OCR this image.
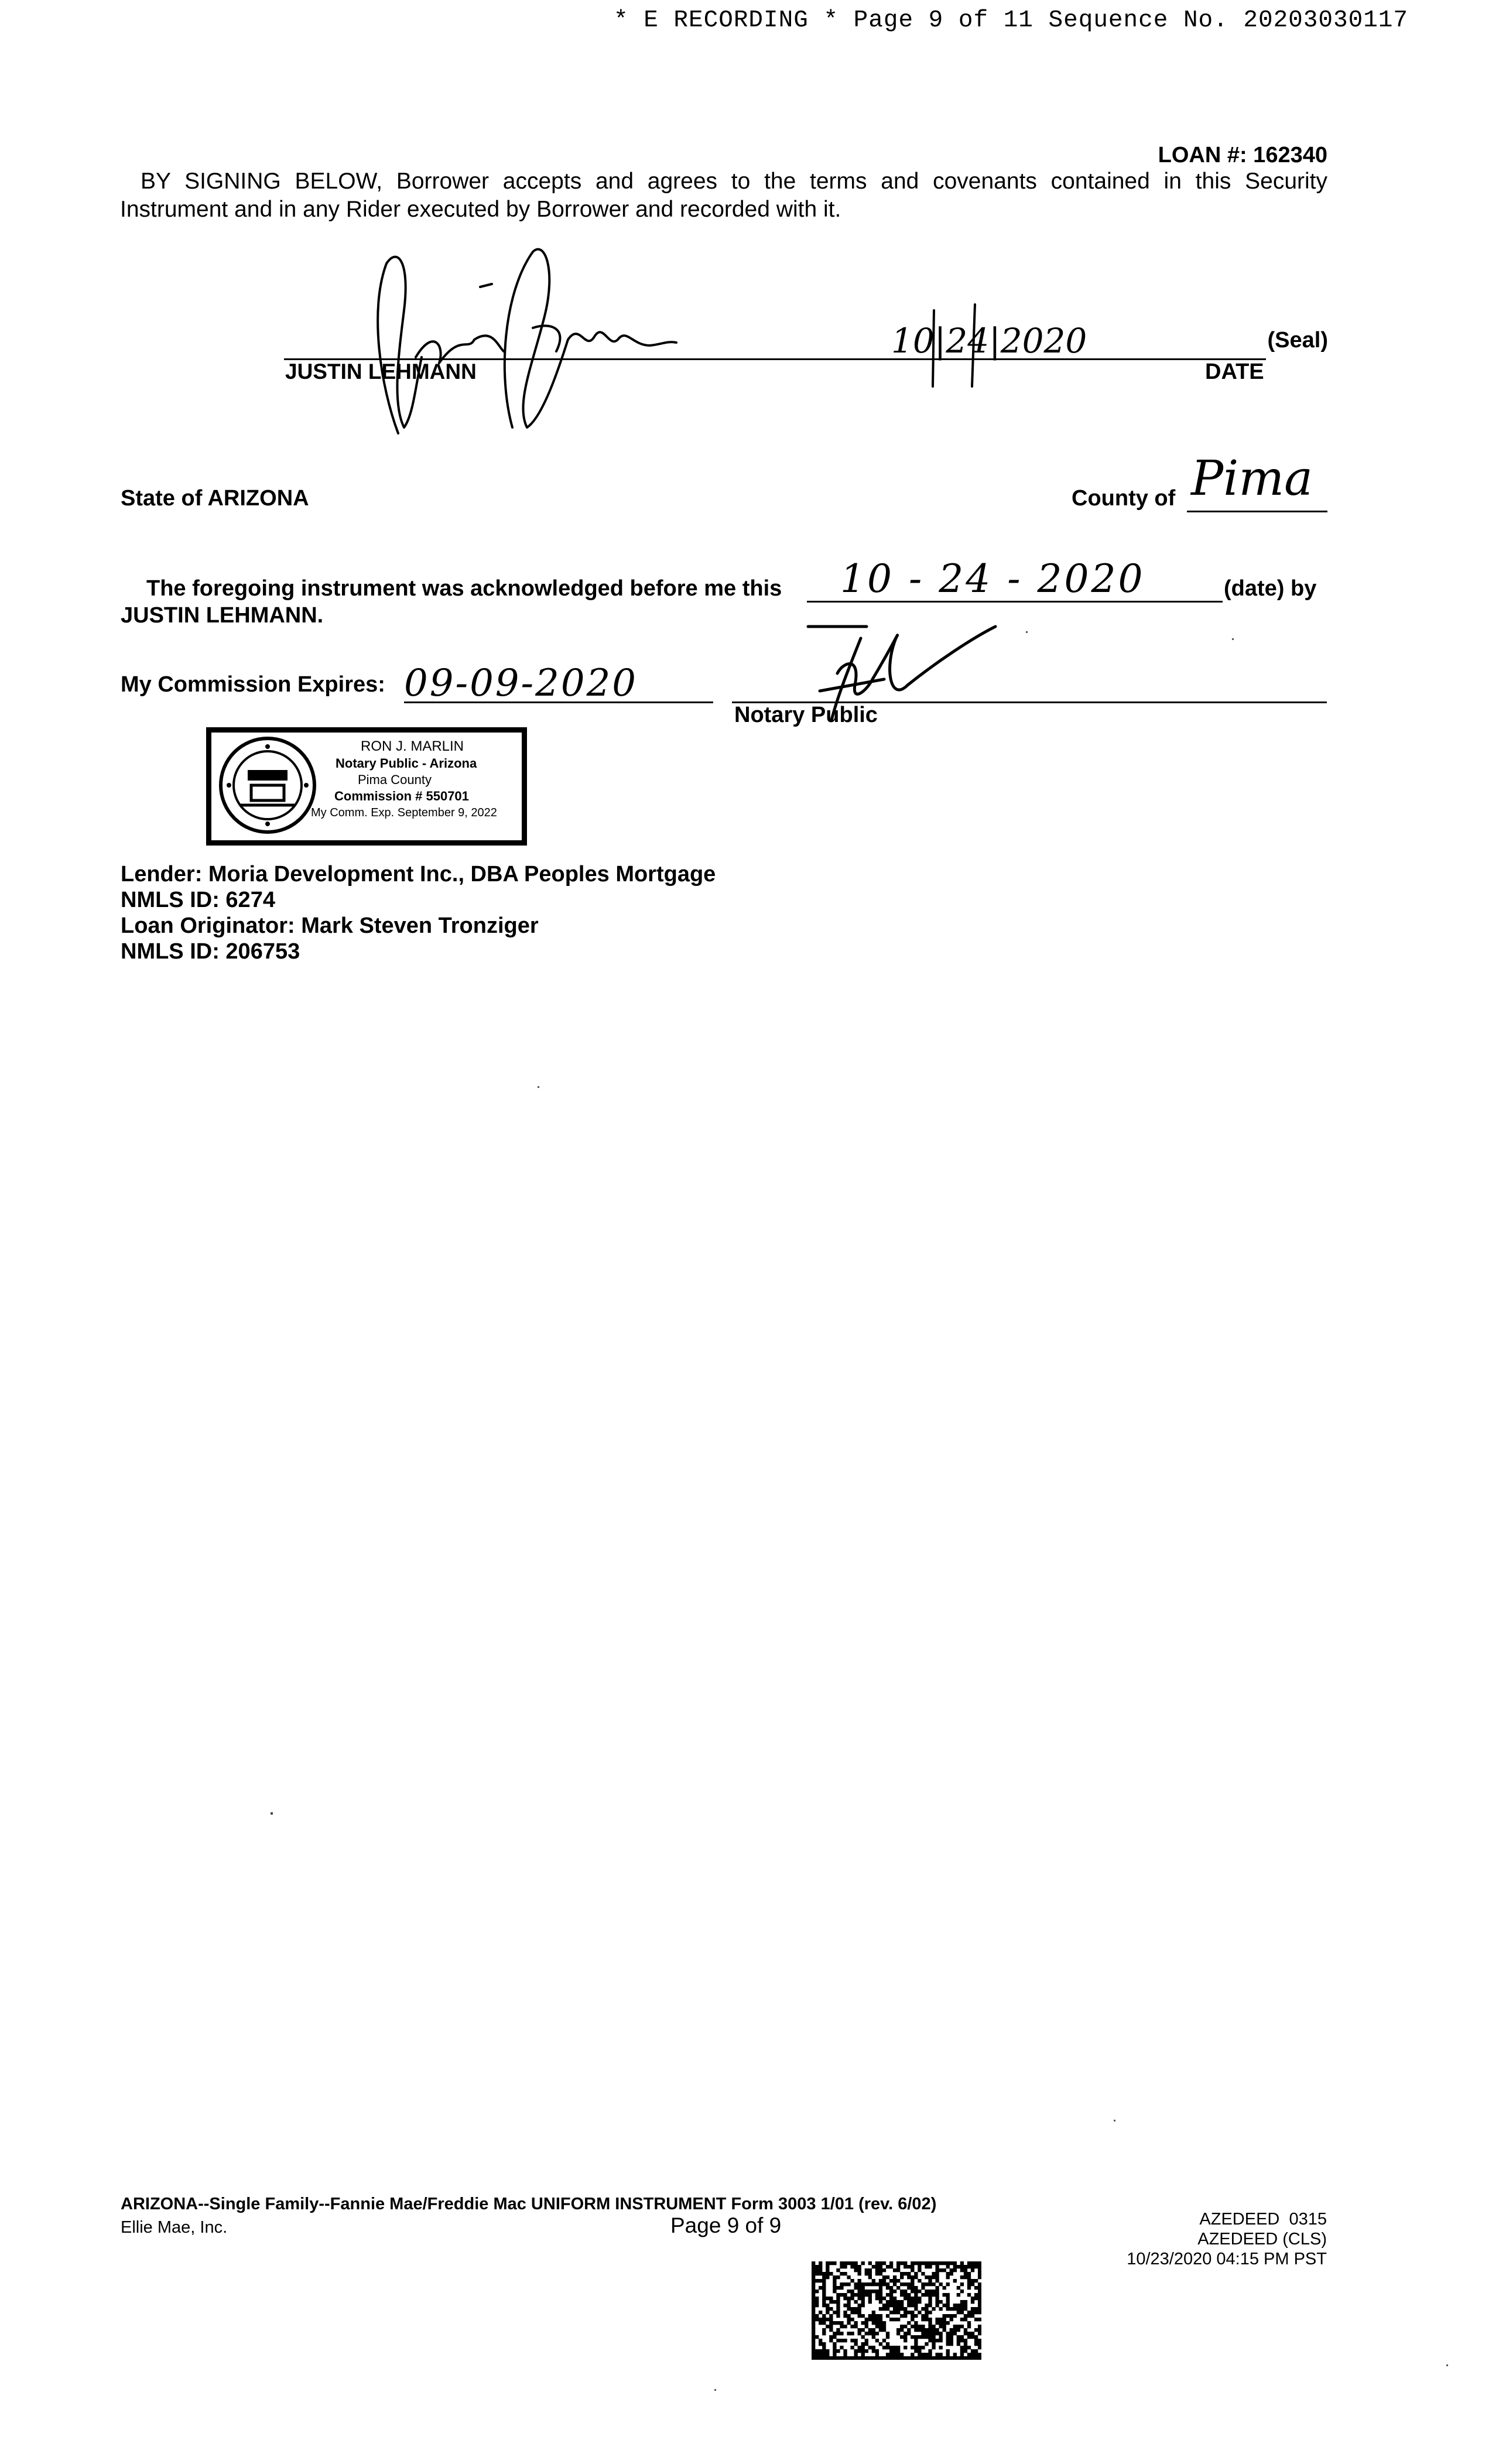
* E RECORDING * Page 9 of 11 Sequence No. 20203030117
LOAN #: 162340
BY SIGNING BELOW, Borrower accepts and agrees to the terms and covenants contained in this Security
Instrument and in any Rider executed by Borrower and recorded with it.
JUSTIN LEHMANN
10|24|2020	(Seal)
DATE
State of ARIZONA	County of Pima
The foregoing instrument was acknowledged before me this 10 - 24 - 2020	(date) by
JUSTIN LEHMANN.
My Commission Expires: 09-09-2020
Notary Public
RON J. MARLIN
Notary Public - Arizona
Pima County
Commission # 550701
My Comm. Exp. September 9, 2022
Lender: Moria Development Inc., DBA Peoples Mortgage
NMLS ID: 6274
Loan Originator: Mark Steven Tronziger
NMLS ID: 206753
ARIZONA--Single Family--Fannie Mae/Freddie Mac UNIFORM INSTRUMENT Form 3003 1/01 (rev. 6/02)
Ellie Mae, Inc.	Page 9 of 9	AZEDEED  0315
AZEDEED (CLS)
10/23/2020 04:15 PM PST
